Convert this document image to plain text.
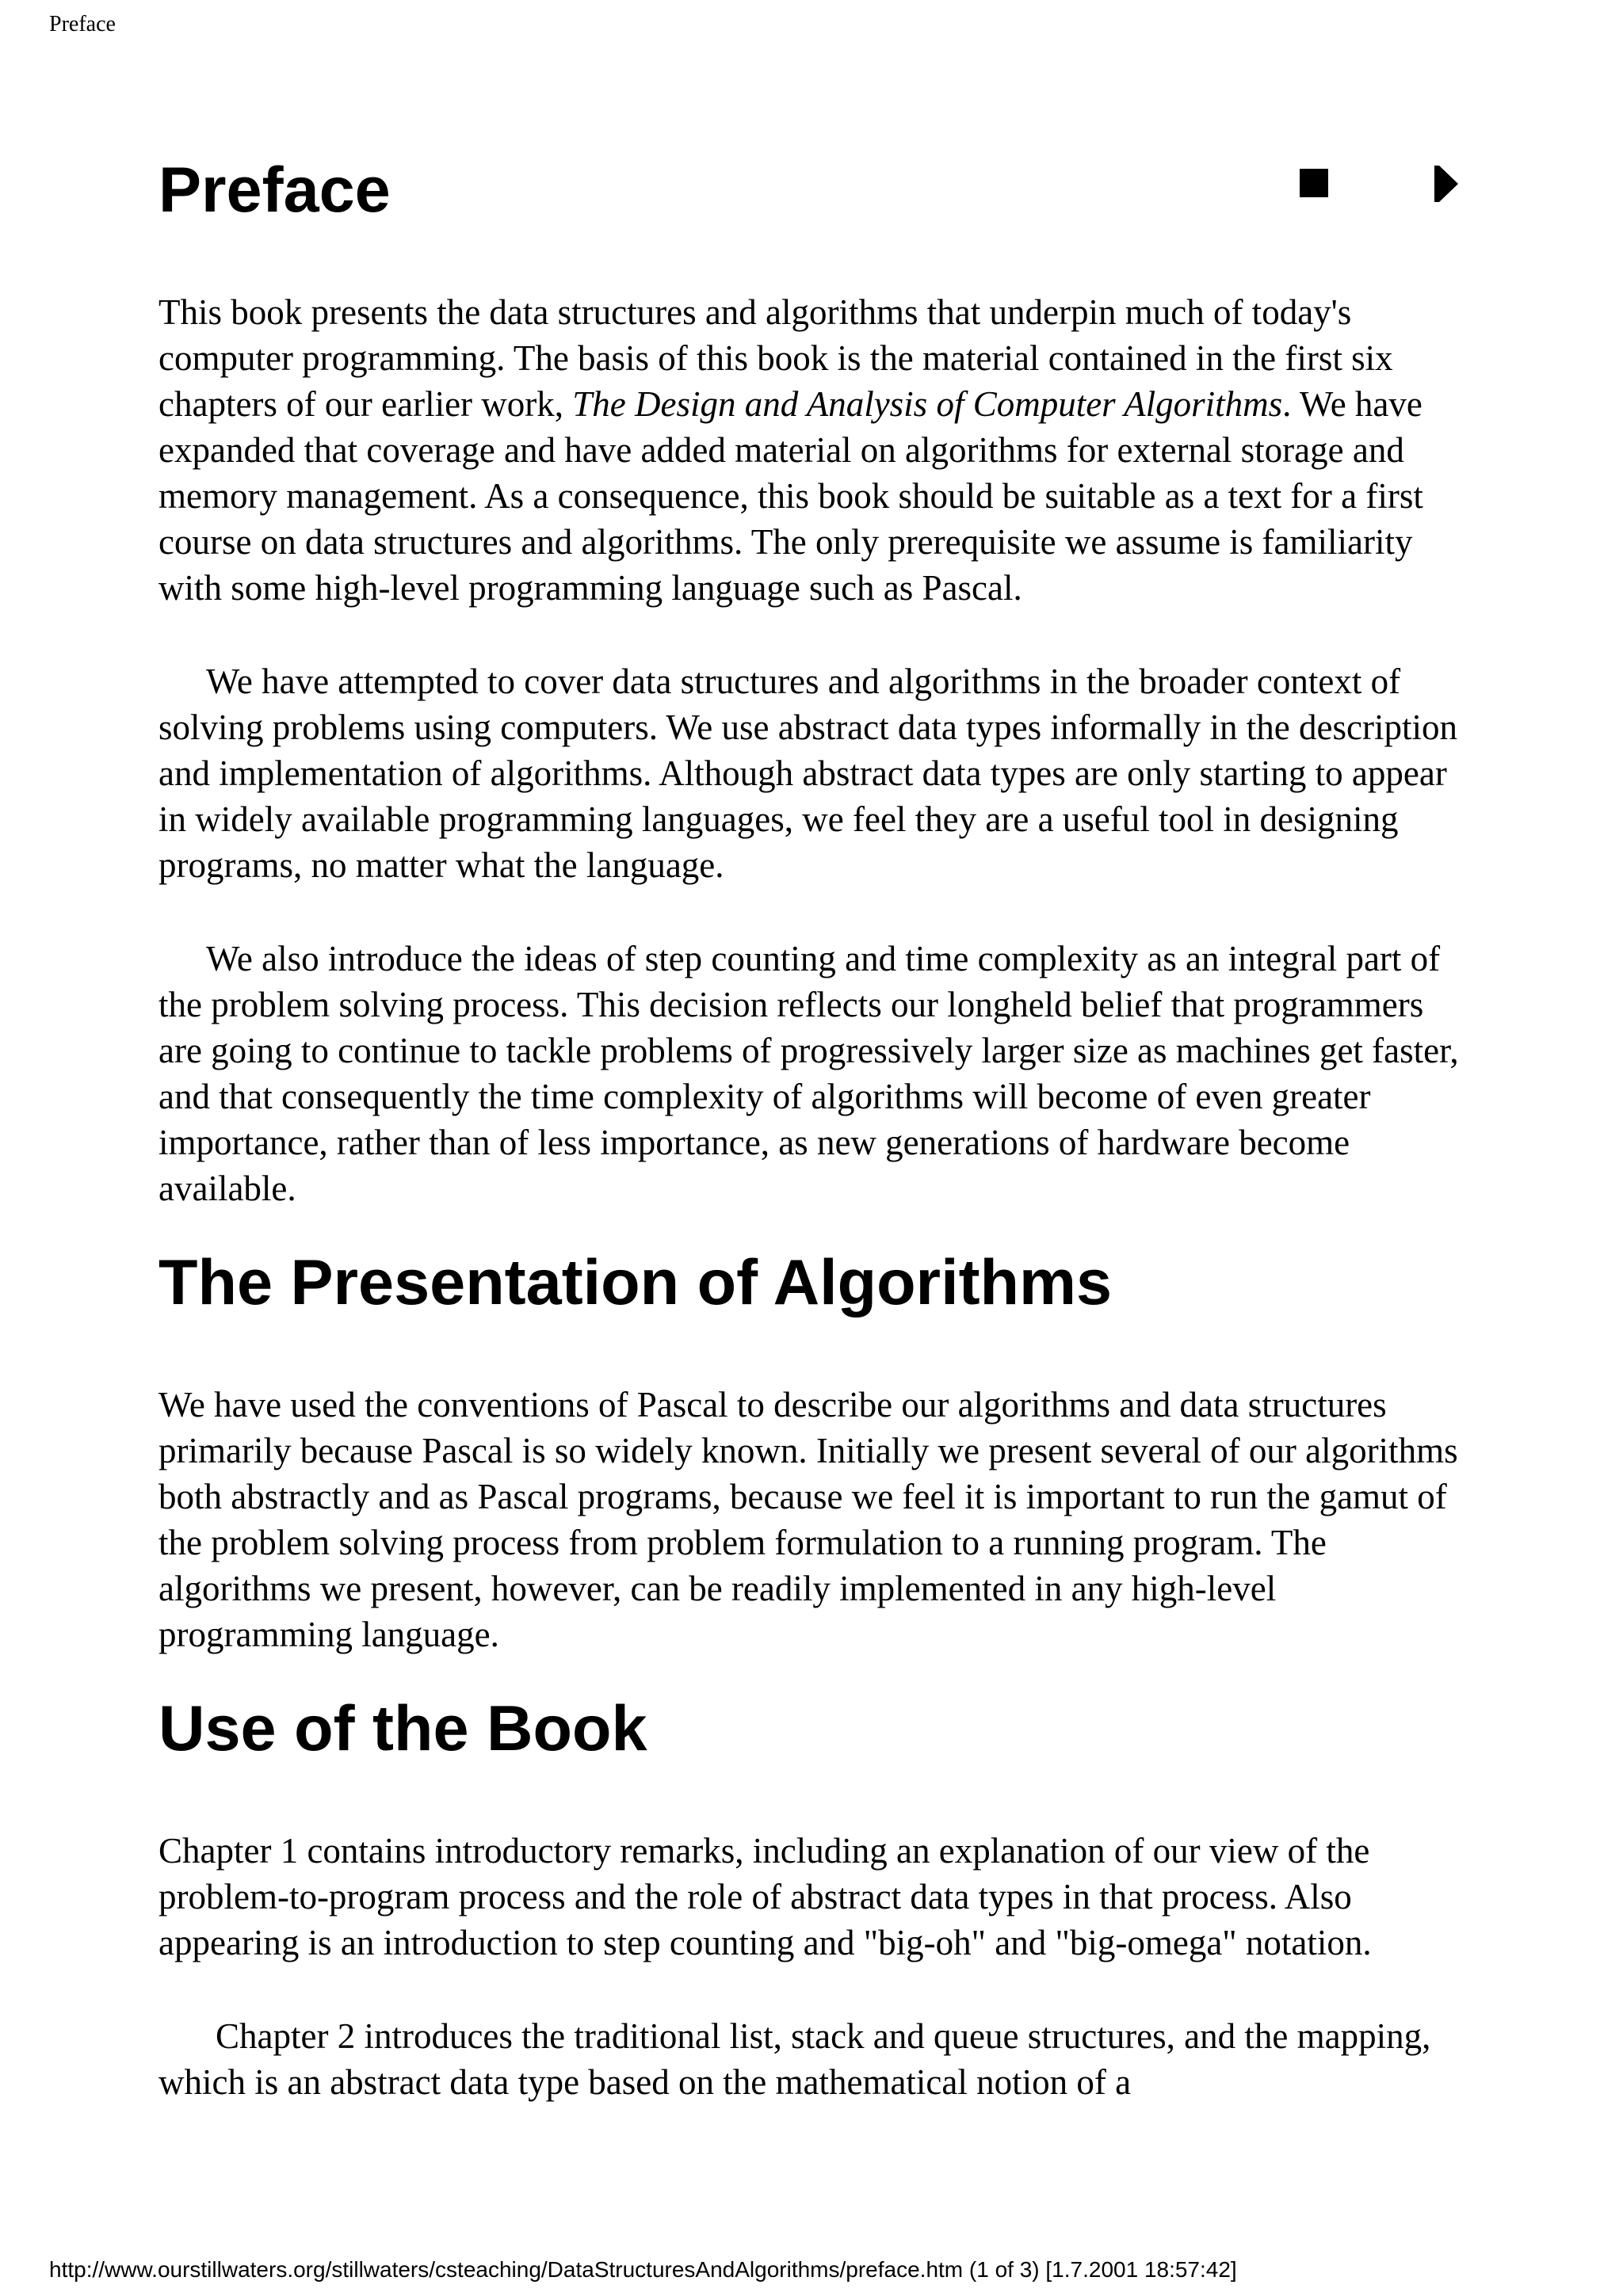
Preface
Preface

This book presents the data structures and algorithms that underpin much of today's computer programming. The basis of this book is the material contained in the first six chapters of our earlier work, The Design and Analysis of Computer Algorithms. We have expanded that coverage and have added material on algorithms for external storage and memory management. As a consequence, this book should be suitable as a text for a first course on data structures and algorithms. The only prerequisite we assume is familiarity with some high-level programming language such as Pascal.

We have attempted to cover data structures and algorithms in the broader context of solving problems using computers. We use abstract data types informally in the description and implementation of algorithms. Although abstract data types are only starting to appear in widely available programming languages, we feel they are a useful tool in designing programs, no matter what the language.

We also introduce the ideas of step counting and time complexity as an integral part of the problem solving process. This decision reflects our longheld belief that programmers are going to continue to tackle problems of progressively larger size as machines get faster, and that consequently the time complexity of algorithms will become of even greater importance, rather than of less importance, as new generations of hardware become available.

The Presentation of Algorithms

We have used the conventions of Pascal to describe our algorithms and data structures primarily because Pascal is so widely known. Initially we present several of our algorithms both abstractly and as Pascal programs, because we feel it is important to run the gamut of the problem solving process from problem formulation to a running program. The algorithms we present, however, can be readily implemented in any high-level programming language.

Use of the Book

Chapter 1 contains introductory remarks, including an explanation of our view of the problem-to-program process and the role of abstract data types in that process. Also appearing is an introduction to step counting and "big-oh" and "big-omega" notation.

Chapter 2 introduces the traditional list, stack and queue structures, and the mapping, which is an abstract data type based on the mathematical notion of a

http://www.ourstillwaters.org/stillwaters/csteaching/DataStructuresAndAlgorithms/preface.htm (1 of 3) [1.7.2001 18:57:42]
